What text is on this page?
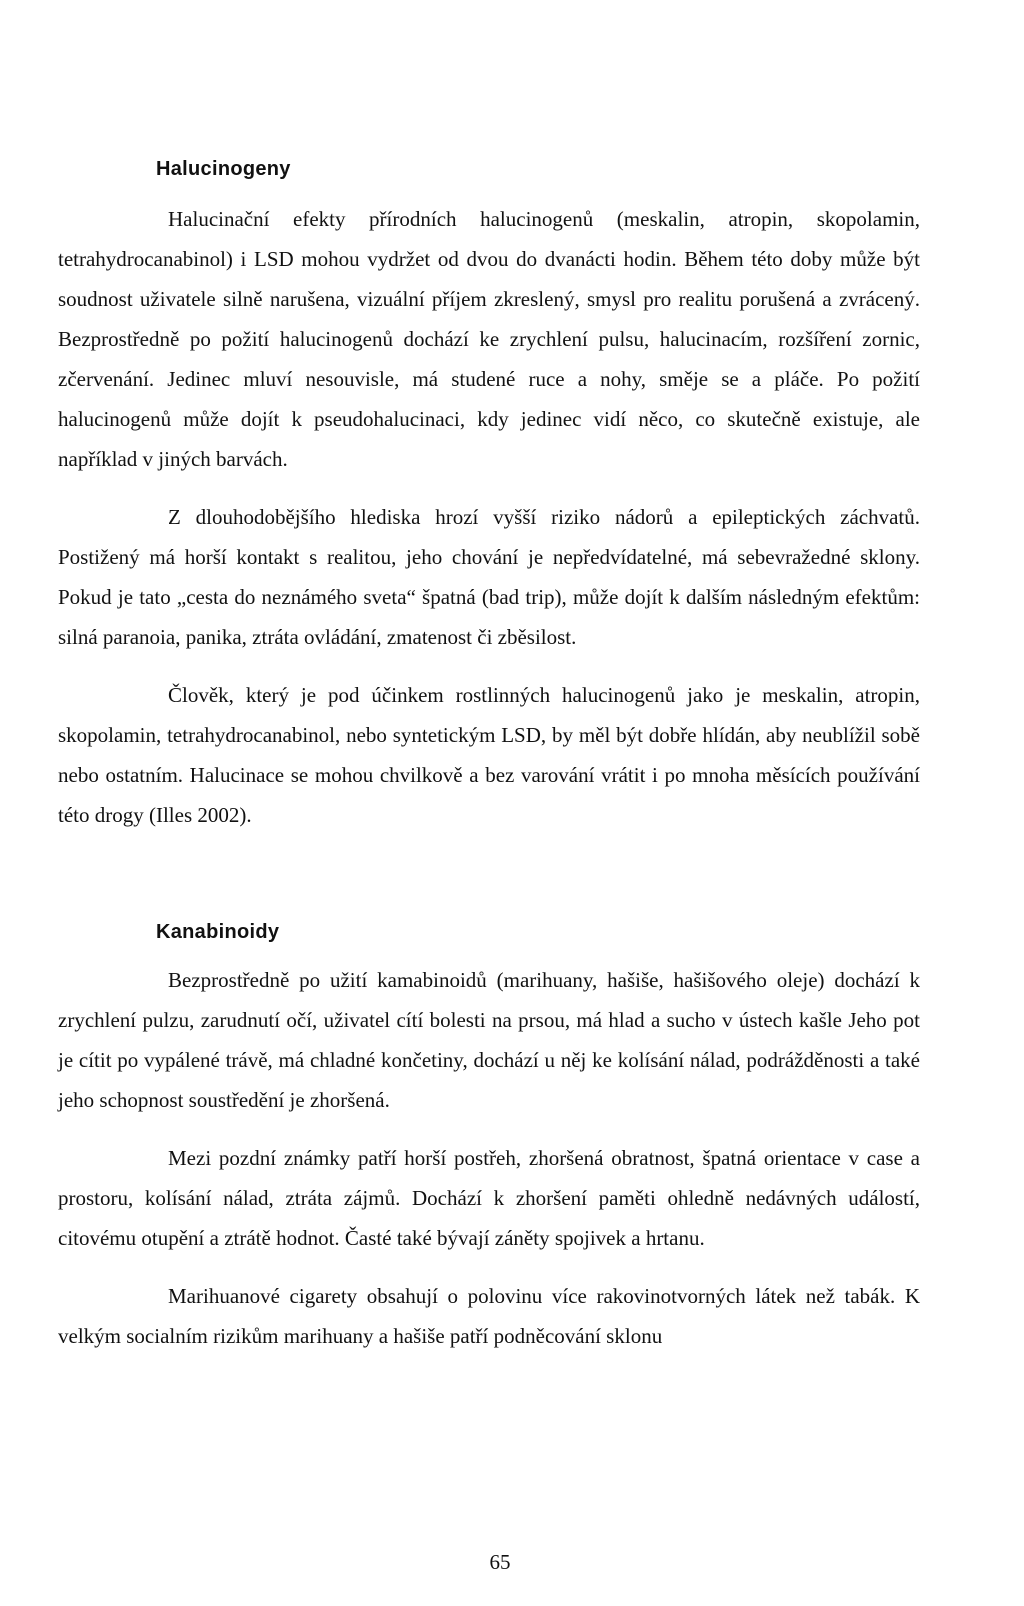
Halucinogeny

Halucinační efekty přírodních halucinogenů (meskalin, atropin, skopolamin, tetrahydrocanabinol) i LSD mohou vydržet od dvou do dvanácti hodin. Během této doby může být soudnost uživatele silně narušena, vizuální příjem zkreslený, smysl pro realitu porušená a zvrácený. Bezprostředně po požití halucinogenů dochází ke zrychlení pulsu, halucinacím, rozšíření zornic, zčervenání. Jedinec mluví nesouvisle, má studené ruce a nohy, směje se a pláče. Po požití halucinogenů může dojít k pseudohalucinaci, kdy jedinec vidí něco, co skutečně existuje, ale například v jiných barvách.

Z dlouhodobějšího hlediska hrozí vyšší riziko nádorů a epileptických záchvatů. Postižený má horší kontakt s realitou, jeho chování je nepředvídatelné, má sebevražedné sklony. Pokud je tato „cesta do neznámého sveta“ špatná (bad trip), může dojít k dalším následným efektům: silná paranoia, panika, ztráta ovládání, zmatenost či zběsilost.

Člověk, který je pod účinkem rostlinných halucinogenů jako je meskalin, atropin, skopolamin, tetrahydrocanabinol, nebo syntetickým LSD, by měl být dobře hlídán, aby neublížil sobě nebo ostatním. Halucinace se mohou chvilkově a bez varování vrátit i po mnoha měsících používání této drogy (Illes 2002).

Kanabinoidy

Bezprostředně po užití kamabinoidů (marihuany, hašiše, hašišového oleje) dochází k zrychlení pulzu, zarudnutí očí, uživatel cítí bolesti na prsou, má hlad a sucho v ústech kašle Jeho pot je cítit po vypálené trávě, má chladné končetiny, dochází u něj ke kolísání nálad, podrážděnosti a také jeho schopnost soustředění je zhoršená.

Mezi pozdní známky patří horší postřeh, zhoršená obratnost, špatná orientace v case a prostoru, kolísání nálad, ztráta zájmů. Dochází k zhoršení paměti ohledně nedávných událostí, citovému otupění a ztrátě hodnot. Časté také bývají záněty spojivek a hrtanu.

Marihuanové cigarety obsahují o polovinu více rakovinotvorných látek než tabák. K velkým socialním rizikům marihuany a hašiše patří podněcování sklonu

65
